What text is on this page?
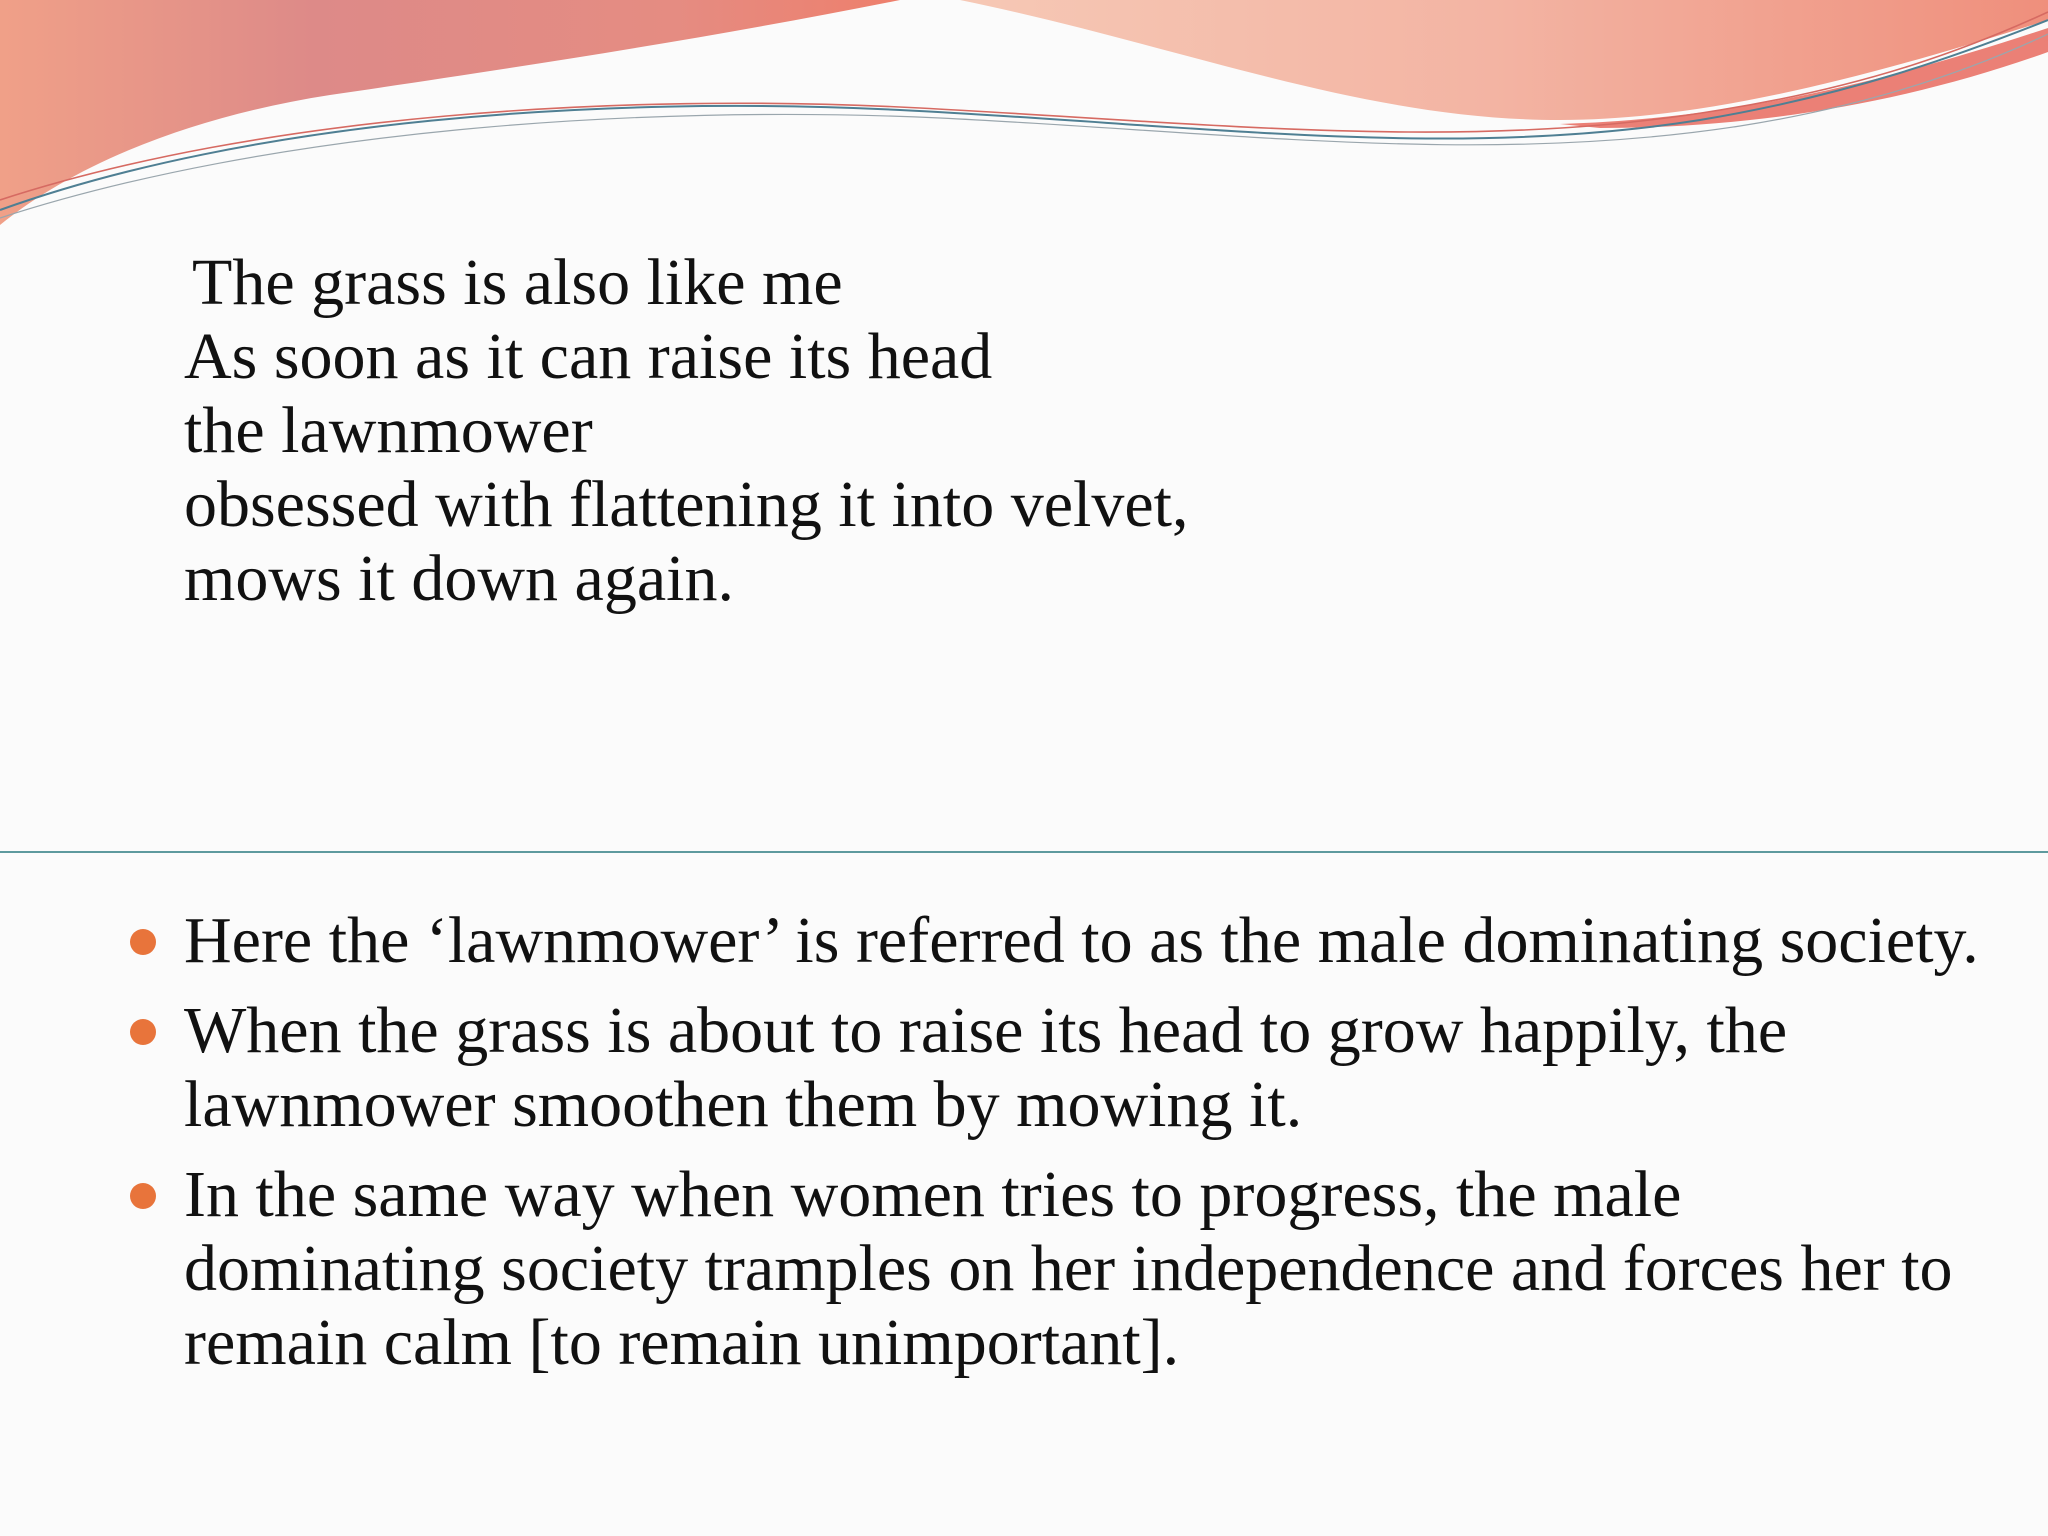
The grass is also like me
As soon as it can raise its head
the lawnmower
obsessed with flattening it into velvet,
mows it down again.
Here the ‘lawnmower’ is referred to as the male dominating society.
When the grass is about to raise its head to grow happily, the lawnmower smoothen them by mowing it.
In the same way when women tries to progress, the male dominating society tramples on her independence and forces her to remain calm [to remain unimportant].
